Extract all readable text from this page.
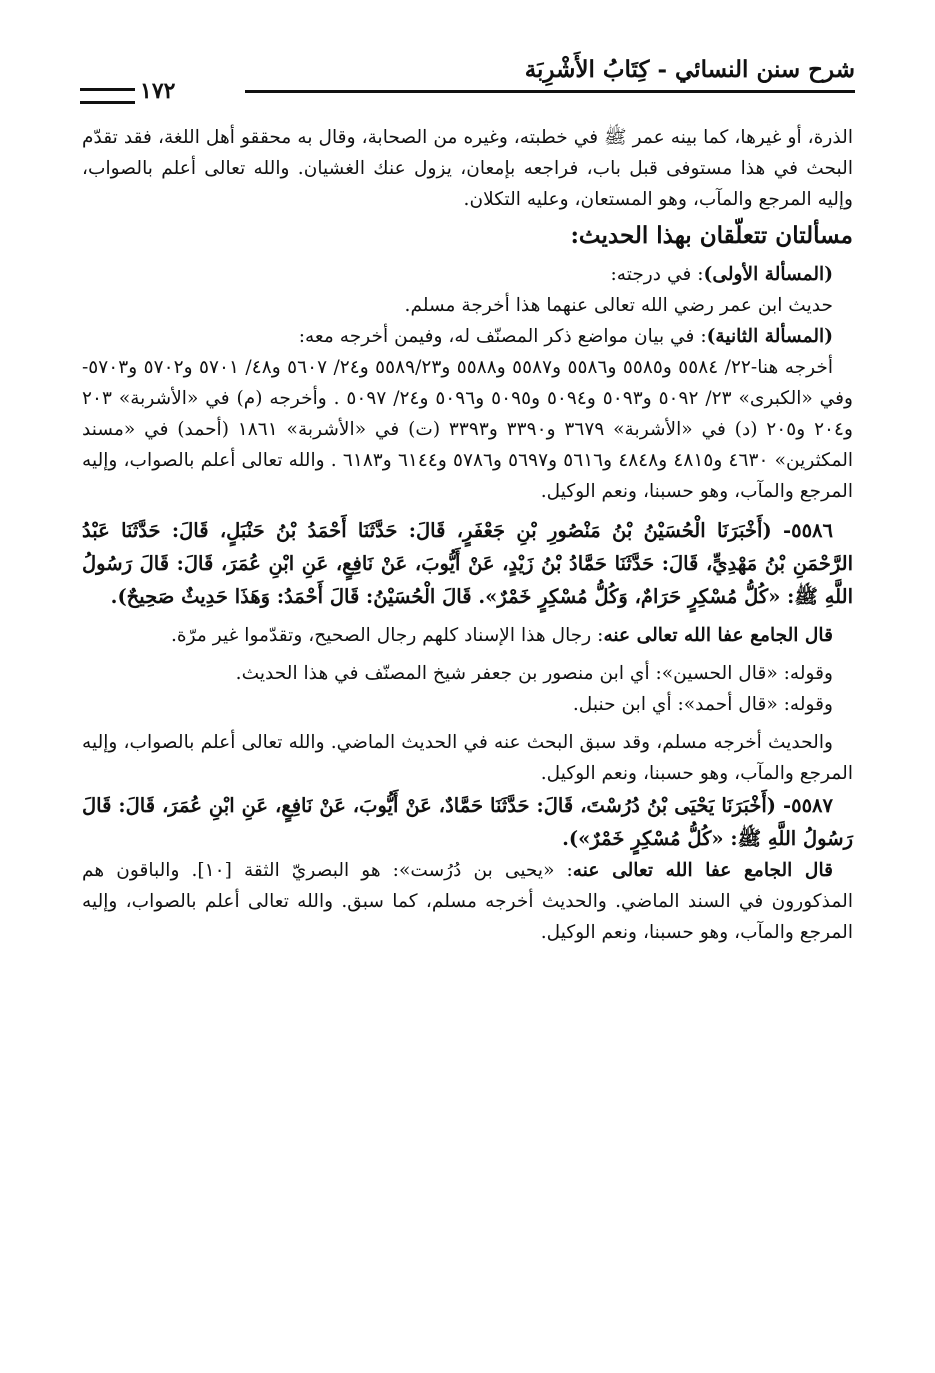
شرح سنن النسائي - كِتَابُ الأَشْرِبَة
١٧٢

الذرة، أو غيرها، كما بينه عمر ﷺ في خطبته، وغيره من الصحابة، وقال به محققو أهل اللغة، فقد تقدّم البحث في هذا مستوفى قبل باب، فراجعه بإمعان، يزول عنك الغشيان. والله تعالى أعلم بالصواب، وإليه المرجع والمآب، وهو المستعان، وعليه التكلان.

مسألتان تتعلّقان بهذا الحديث:

(المسألة الأولى): في درجته:

حديث ابن عمر رضي الله تعالى عنهما هذا أخرجة مسلم.

(المسألة الثانية): في بيان مواضع ذكر المصنّف له، وفيمن أخرجه معه:

أخرجه هنا-٢٢/ ٥٥٨٤ و٥٥٨٥ و٥٥٨٦ و٥٥٨٧ و٥٥٨٨ و٥٥٨٩/٢٣ و٢٤/ ٥٦٠٧ و٤٨/ ٥٧٠١ و٥٧٠٢ و٥٧٠٣- وفي «الكبرى» ٢٣/ ٥٠٩٢ و٥٠٩٣ و٥٠٩٤ و٥٠٩٥ و٥٠٩٦ و٢٤/ ٥٠٩٧ . وأخرجه (م) في «الأشربة» ٢٠٣ و٢٠٤ و٢٠٥ (د) في «الأشربة» ٣٦٧٩ و٣٣٩٠ و٣٣٩٣ (ت) في «الأشربة» ١٨٦١ (أحمد) في «مسند المكثرين» ٤٦٣٠ و٤٨١٥ و٤٨٤٨ و٥٦١٦ و٥٦٩٧ و٥٧٨٦ و٦١٤٤ و٦١٨٣ . والله تعالى أعلم بالصواب، وإليه المرجع والمآب، وهو حسبنا، ونعم الوكيل.

٥٥٨٦- (أَخْبَرَنَا الْحُسَيْنُ بْنُ مَنْصُورِ بْنِ جَعْفَرٍ، قَالَ: حَدَّثَنَا أَحْمَدُ بْنُ حَنْبَلٍ، قَالَ: حَدَّثَنَا عَبْدُ الرَّحْمَنِ بْنُ مَهْدِيٍّ، قَالَ: حَدَّثَنَا حَمَّادُ بْنُ زَيْدٍ، عَنْ أَيُّوبَ، عَنْ نَافِعٍ، عَنِ ابْنِ عُمَرَ، قَالَ: قَالَ رَسُولُ اللَّهِ ﷺ: «كُلُّ مُسْكِرٍ حَرَامٌ، وَكُلُّ مُسْكِرٍ خَمْرٌ». قَالَ الْحُسَيْنُ: قَالَ أَحْمَدُ: وَهَذَا حَدِيثٌ صَحِيحٌ).

قال الجامع عفا الله تعالى عنه: رجال هذا الإسناد كلهم رجال الصحيح، وتقدّموا غير مرّة.

وقوله: «قال الحسين»: أي ابن منصور بن جعفر شيخ المصنّف في هذا الحديث.

وقوله: «قال أحمد»: أي ابن حنبل.

والحديث أخرجه مسلم، وقد سبق البحث عنه في الحديث الماضي. والله تعالى أعلم بالصواب، وإليه المرجع والمآب، وهو حسبنا، ونعم الوكيل.

٥٥٨٧- (أَخْبَرَنَا يَحْيَى بْنُ دُرُسْتَ، قَالَ: حَدَّثَنَا حَمَّادٌ، عَنْ أَيُّوبَ، عَنْ نَافِعٍ، عَنِ ابْنِ عُمَرَ، قَالَ: قَالَ رَسُولُ اللَّهِ ﷺ: «كُلُّ مُسْكِرٍ خَمْرٌ»).

قال الجامع عفا الله تعالى عنه: «يحيى بن دُرُست»: هو البصريّ الثقة [١٠]. والباقون هم المذكورون في السند الماضي. والحديث أخرجه مسلم، كما سبق. والله تعالى أعلم بالصواب، وإليه المرجع والمآب، وهو حسبنا، ونعم الوكيل.
